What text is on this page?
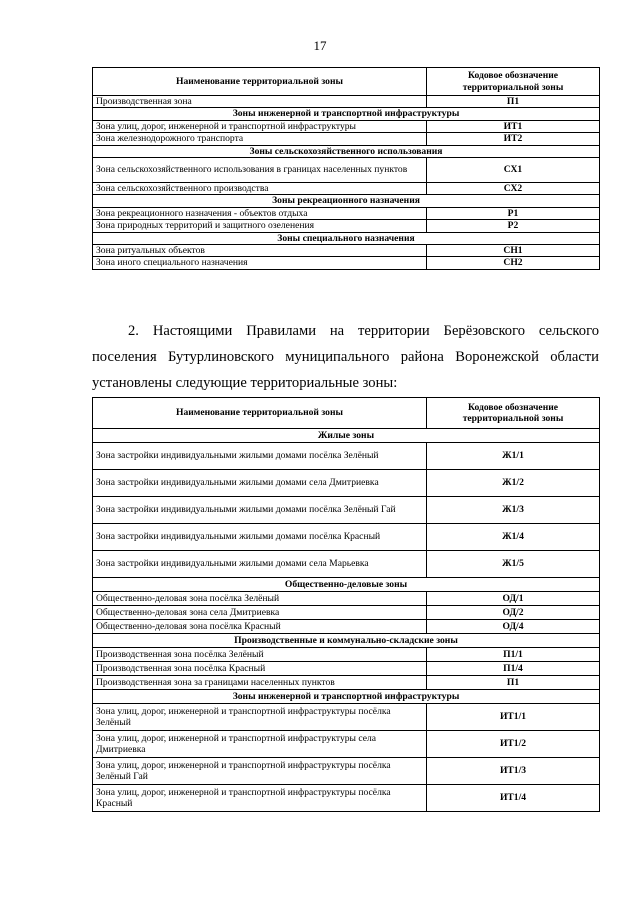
17
Наименование территориальной зоны	Кодовое обозначение территориальной зоны
Производственная зона	П1
Зоны инженерной и транспортной инфраструктуры	
Зона улиц, дорог, инженерной и транспортной инфраструктуры	ИТ1
Зона железнодорожного транспорта	ИТ2
Зоны сельскохозяйственного использования	
Зона сельскохозяйственного использования в границах населенных пунктов	СХ1
Зона сельскохозяйственного производства	СХ2
Зоны рекреационного назначения	
Зона рекреационного назначения - объектов отдыха	Р1
Зона природных территорий и защитного озеленения	Р2
Зоны специального назначения	
Зона ритуальных объектов	СН1
Зона иного специального назначения	СН2

2. Настоящими Правилами на территории Берёзовского сельского поселения Бутурлиновского муниципального района Воронежской области установлены следующие территориальные зоны:

Наименование территориальной зоны	Кодовое обозначение территориальной зоны
Жилые зоны	
Зона застройки индивидуальными жилыми домами посёлка Зелёный	Ж1/1
Зона застройки индивидуальными жилыми домами села Дмитриевка	Ж1/2
Зона застройки индивидуальными жилыми домами посёлка Зелёный Гай	Ж1/3
Зона застройки индивидуальными жилыми домами посёлка Красный	Ж1/4
Зона застройки индивидуальными жилыми домами села Марьевка	Ж1/5
Общественно-деловые зоны	
Общественно-деловая зона посёлка Зелёный	ОД/1
Общественно-деловая зона села Дмитриевка	ОД/2
Общественно-деловая зона посёлка Красный	ОД/4
Производственные и коммунально-складские зоны	
Производственная зона посёлка Зелёный	П1/1
Производственная зона посёлка Красный	П1/4
Производственная зона за границами населенных пунктов	П1
Зоны инженерной и транспортной инфраструктуры	
Зона улиц, дорог, инженерной и транспортной инфраструктуры посёлка Зелёный	ИТ1/1
Зона улиц, дорог, инженерной и транспортной инфраструктуры села Дмитриевка	ИТ1/2
Зона улиц, дорог, инженерной и транспортной инфраструктуры посёлка Зелёный Гай	ИТ1/3
Зона улиц, дорог, инженерной и транспортной инфраструктуры посёлка Красный	ИТ1/4
